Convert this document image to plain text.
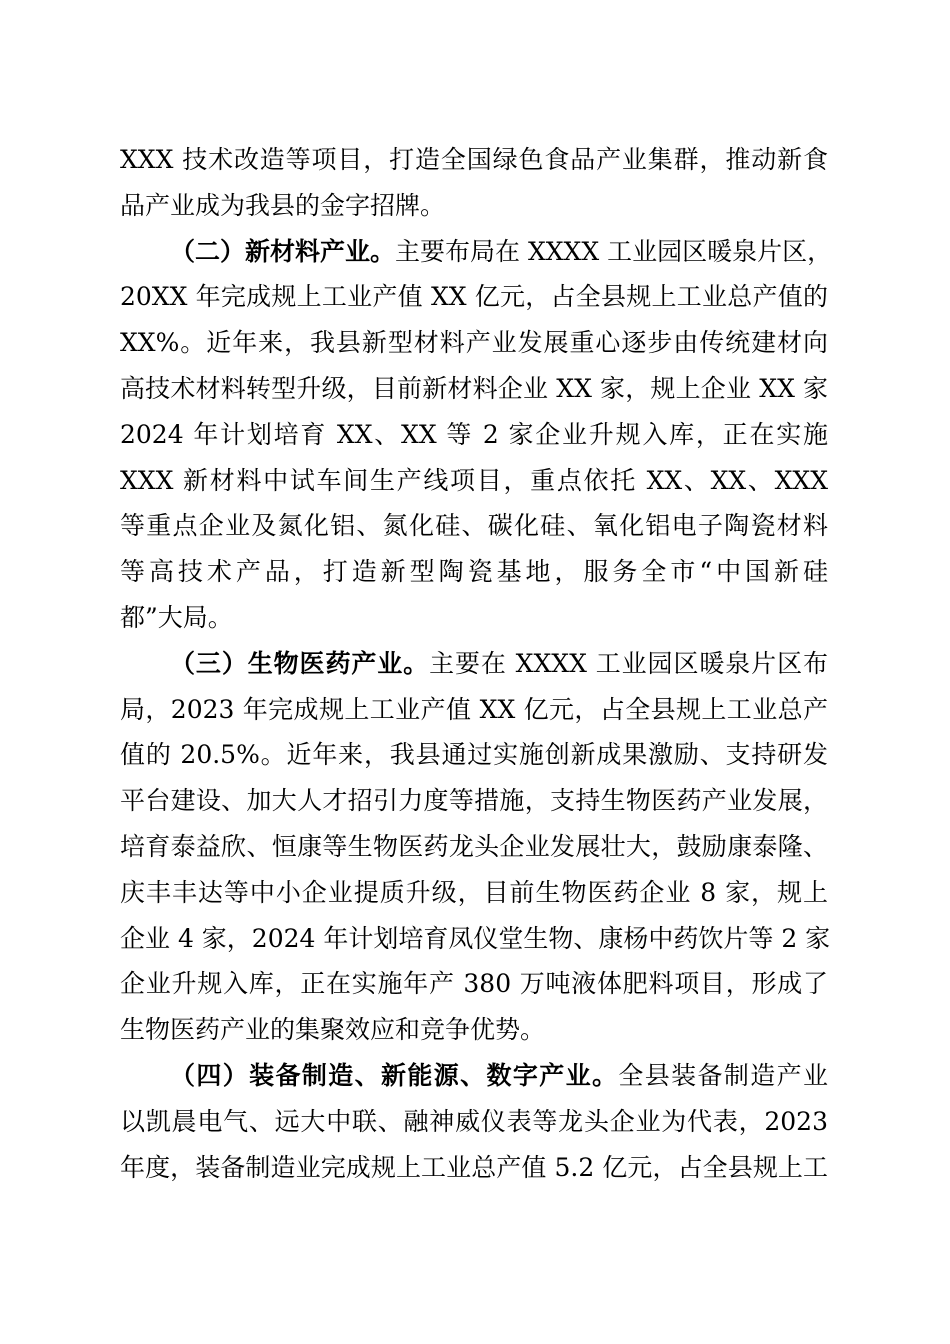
XXX 技术改造等项目，打造全国绿色食品产业集群，推动新食
品产业成为我县的金字招牌。
（二）新材料产业。主要布局在 XXXX 工业园区暖泉片区，
20XX 年完成规上工业产值 XX 亿元，占全县规上工业总产值的
XX%。近年来，我县新型材料产业发展重心逐步由传统建材向
高技术材料转型升级，目前新材料企业 XX 家，规上企业 XX 家
2024 年计划培育 XX、XX 等 2 家企业升规入库，正在实施
XXX 新材料中试车间生产线项目，重点依托 XX、XX、XXX
等重点企业及氮化铝、氮化硅、碳化硅、氧化铝电子陶瓷材料
等高技术产品，打造新型陶瓷基地，服务全市“中国新硅
都”大局。
（三）生物医药产业。主要在 XXXX 工业园区暖泉片区布
局，2023 年完成规上工业产值 XX 亿元，占全县规上工业总产
值的 20.5%。近年来，我县通过实施创新成果激励、支持研发
平台建设、加大人才招引力度等措施，支持生物医药产业发展，
培育泰益欣、恒康等生物医药龙头企业发展壮大，鼓励康泰隆、
庆丰丰达等中小企业提质升级，目前生物医药企业 8 家，规上
企业 4 家，2024 年计划培育凤仪堂生物、康杨中药饮片等 2 家
企业升规入库，正在实施年产 380 万吨液体肥料项目，形成了
生物医药产业的集聚效应和竞争优势。
（四）装备制造、新能源、数字产业。全县装备制造产业
以凯晨电气、远大中联、融神威仪表等龙头企业为代表，2023
年度，装备制造业完成规上工业总产值 5.2 亿元，占全县规上工
